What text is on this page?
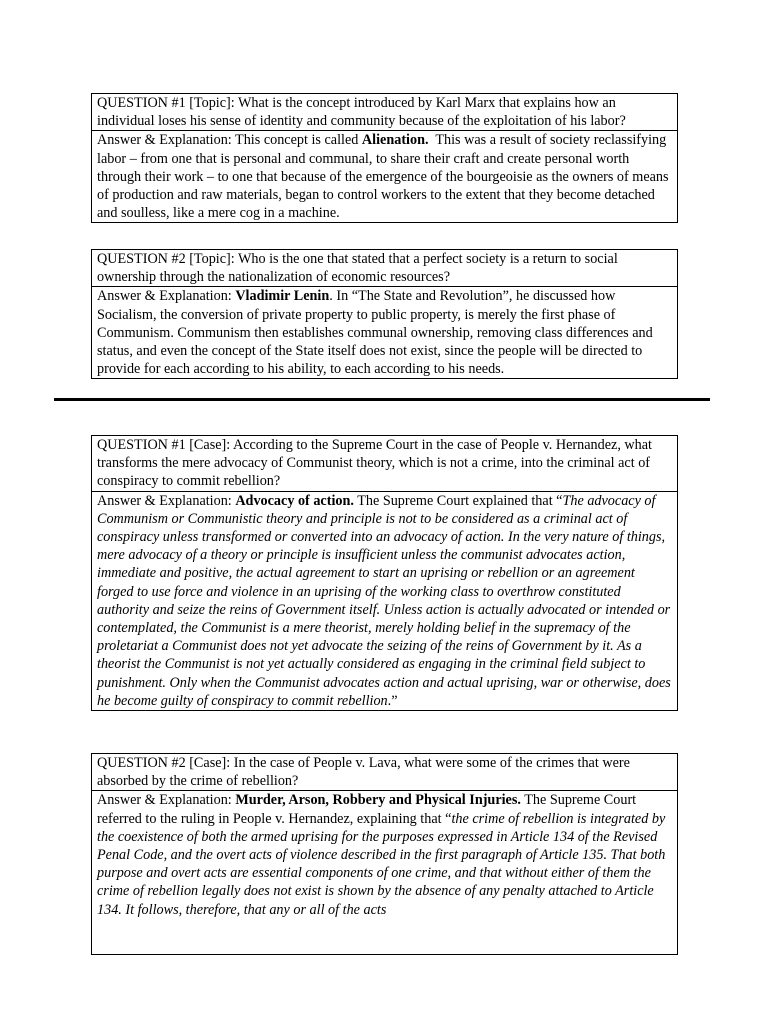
QUESTION #1 [Topic]: What is the concept introduced by Karl Marx that explains how an individual loses his sense of identity and community because of the exploitation of his labor?
Answer & Explanation: This concept is called Alienation.  This was a result of society reclassifying labor – from one that is personal and communal, to share their craft and create personal worth through their work – to one that because of the emergence of the bourgeoisie as the owners of means of production and raw materials, began to control workers to the extent that they become detached and soulless, like a mere cog in a machine.
QUESTION #2 [Topic]: Who is the one that stated that a perfect society is a return to social ownership through the nationalization of economic resources?
Answer & Explanation: Vladimir Lenin. In “The State and Revolution”, he discussed how Socialism, the conversion of private property to public property, is merely the first phase of Communism. Communism then establishes communal ownership, removing class differences and status, and even the concept of the State itself does not exist, since the people will be directed to provide for each according to his ability, to each according to his needs.
QUESTION #1 [Case]: According to the Supreme Court in the case of People v. Hernandez, what transforms the mere advocacy of Communist theory, which is not a crime, into the criminal act of conspiracy to commit rebellion?
Answer & Explanation: Advocacy of action. The Supreme Court explained that “The advocacy of Communism or Communistic theory and principle is not to be considered as a criminal act of conspiracy unless transformed or converted into an advocacy of action. In the very nature of things, mere advocacy of a theory or principle is insufficient unless the communist advocates action, immediate and positive, the actual agreement to start an uprising or rebellion or an agreement forged to use force and violence in an uprising of the working class to overthrow constituted authority and seize the reins of Government itself. Unless action is actually advocated or intended or contemplated, the Communist is a mere theorist, merely holding belief in the supremacy of the proletariat a Communist does not yet advocate the seizing of the reins of Government by it. As a theorist the Communist is not yet actually considered as engaging in the criminal field subject to punishment. Only when the Communist advocates action and actual uprising, war or otherwise, does he become guilty of conspiracy to commit rebellion.”
QUESTION #2 [Case]: In the case of People v. Lava, what were some of the crimes that were absorbed by the crime of rebellion?
Answer & Explanation: Murder, Arson, Robbery and Physical Injuries. The Supreme Court referred to the ruling in People v. Hernandez, explaining that “the crime of rebellion is integrated by the coexistence of both the armed uprising for the purposes expressed in Article 134 of the Revised Penal Code, and the overt acts of violence described in the first paragraph of Article 135. That both purpose and overt acts are essential components of one crime, and that without either of them the crime of rebellion legally does not exist is shown by the absence of any penalty attached to Article 134. It follows, therefore, that any or all of the acts
